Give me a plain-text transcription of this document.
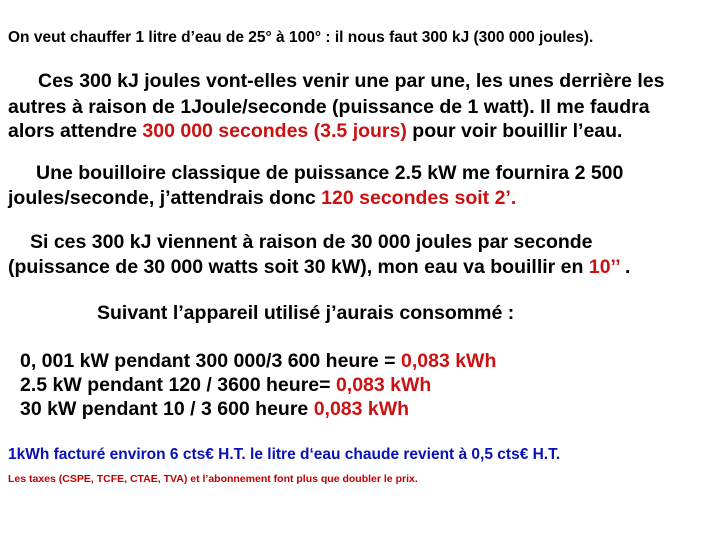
On veut chauffer 1 litre d’eau de 25° à 100° : il nous faut 300 kJ (300 000 joules).

Ces 300 kJ joules vont-elles venir une par une, les unes derrière les

autres à raison de 1Joule/seconde (puissance de 1 watt). Il me faudra

alors attendre 300 000 secondes (3.5 jours) pour voir bouillir l’eau.

Une bouilloire classique de puissance 2.5 kW me fournira 2 500

joules/seconde, j’attendrais donc 120 secondes soit 2’.

Si ces 300 kJ viennent à raison de 30 000 joules par seconde

(puissance de 30 000 watts soit 30 kW), mon eau va bouillir en 10’’ .

Suivant l’appareil utilisé j’aurais consommé :

0, 001 kW pendant 300 000/3 600 heure = 0,083 kWh

2.5 kW pendant 120 / 3600 heure= 0,083 kWh

30 kW pendant 10 / 3 600 heure 0,083 kWh

1kWh facturé environ 6 cts€ H.T. le litre d‘eau chaude revient à 0,5 cts€ H.T.

Les taxes (CSPE, TCFE, CTAE, TVA) et l’abonnement font plus que doubler le prix.
